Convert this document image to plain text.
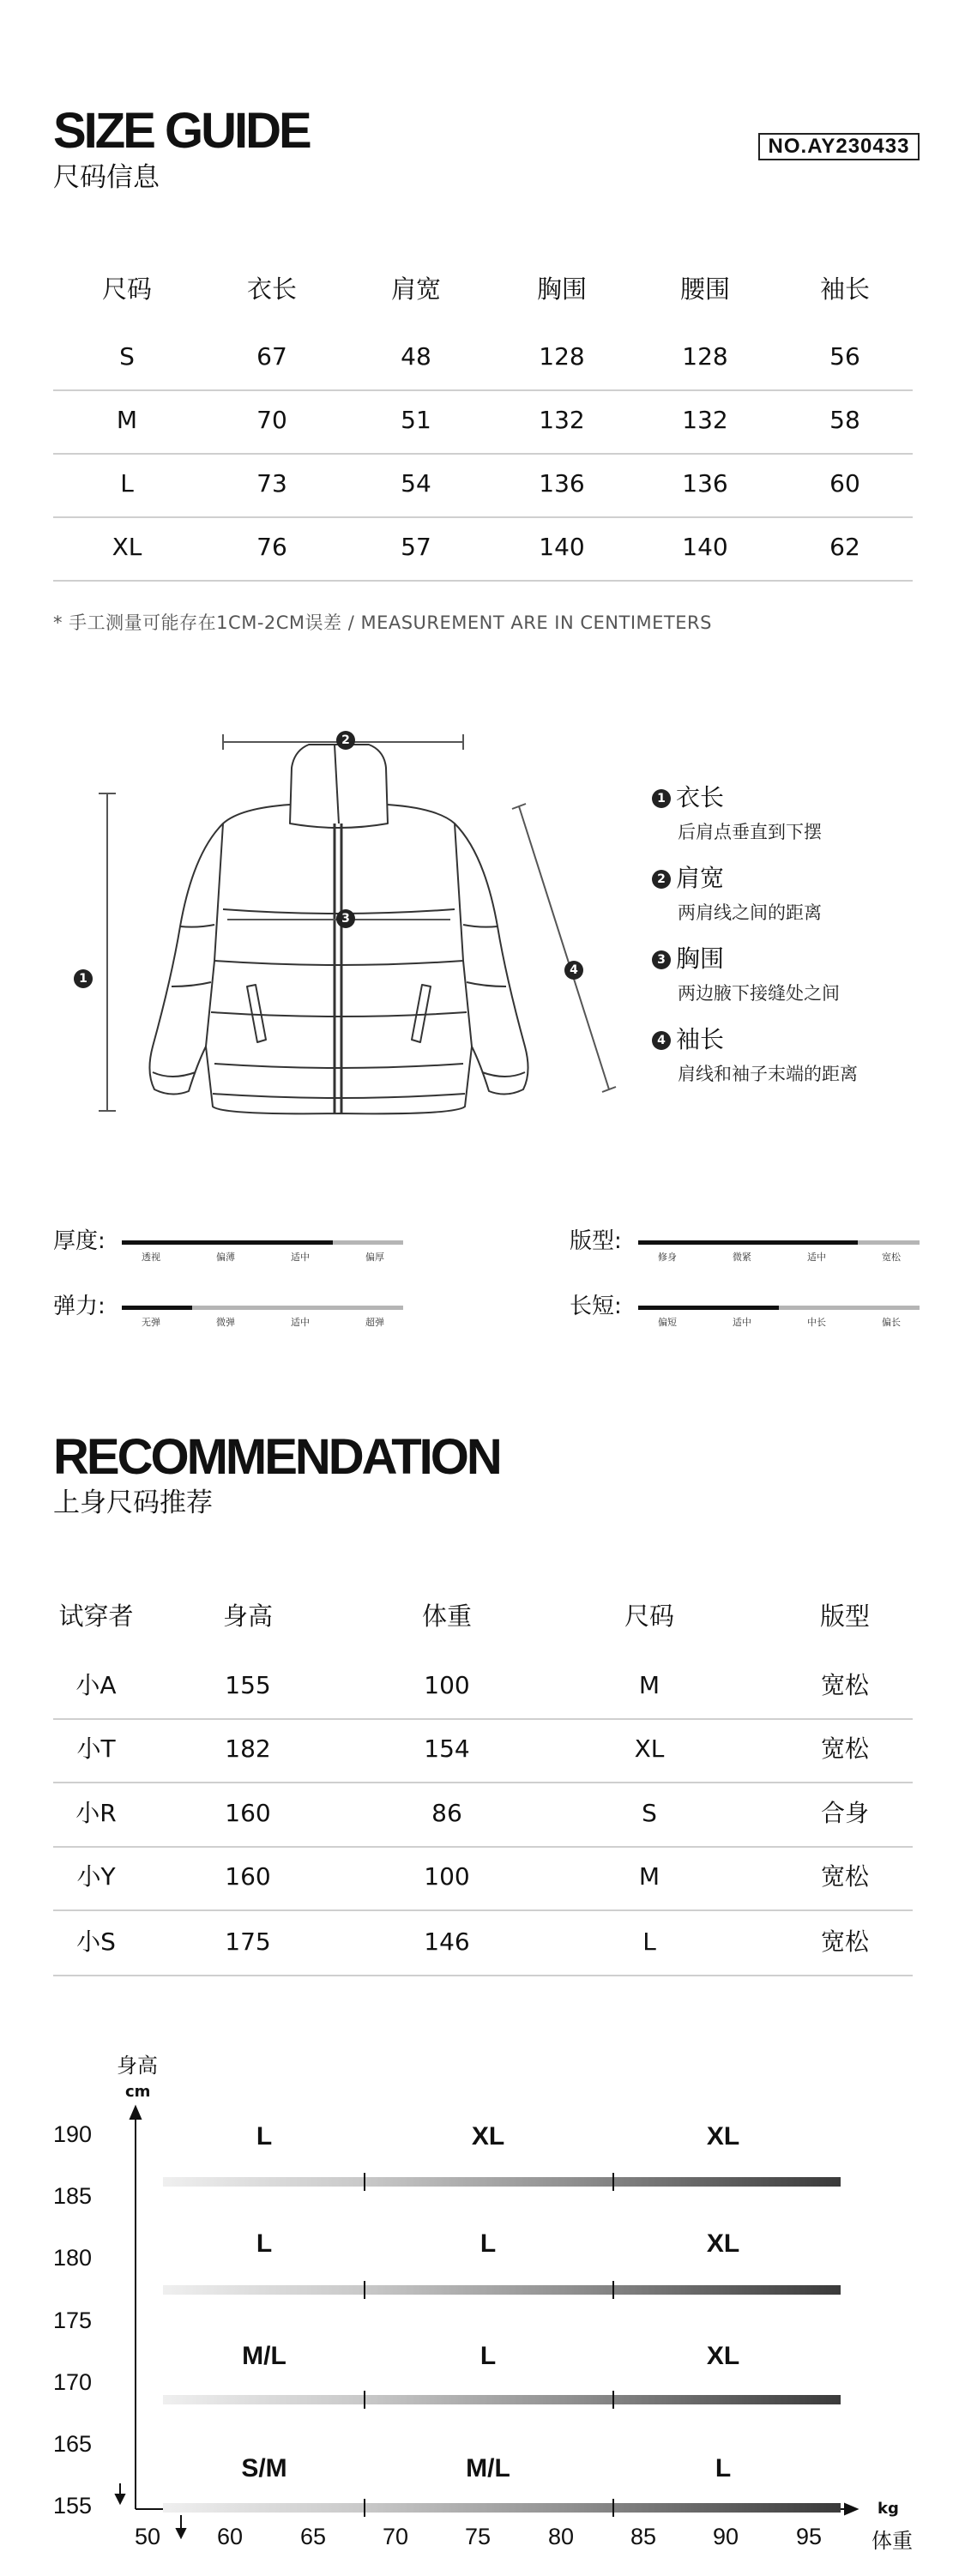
SIZE GUIDE
尺码信息
NO.AY230433
尺码	衣长	肩宽	胸围	腰围	袖长
S	67	48	128	128	56
M	70	51	132	132	58
L	73	54	136	136	60
XL	76	57	140	140	62
* 手工测量可能存在1CM-2CM误差 / MEASUREMENT ARE IN CENTIMETERS
1
2
3
4
1 衣长
后肩点垂直到下摆
2 肩宽
两肩线之间的距离
3 胸围
两边腋下接缝处之间
4 袖长
肩线和袖子末端的距离
厚度:
透视	偏薄	适中	偏厚
版型:
修身	微紧	适中	宽松
弹力:
无弹	微弹	适中	超弹
长短:
偏短	适中	中长	偏长
RECOMMENDATION
上身尺码推荐
试穿者	身高	体重	尺码	版型
小A	155	100	M	宽松
小T	182	154	XL	宽松
小R	160	86	S	合身
小Y	160	100	M	宽松
小S	175	146	L	宽松
身高
cm
kg
体重
190
185
180
175
170
165
155
50 60 65 70 75 80 85 90 95
L	XL	XL
L	L	XL
M/L	L	XL
S/M	M/L	L
